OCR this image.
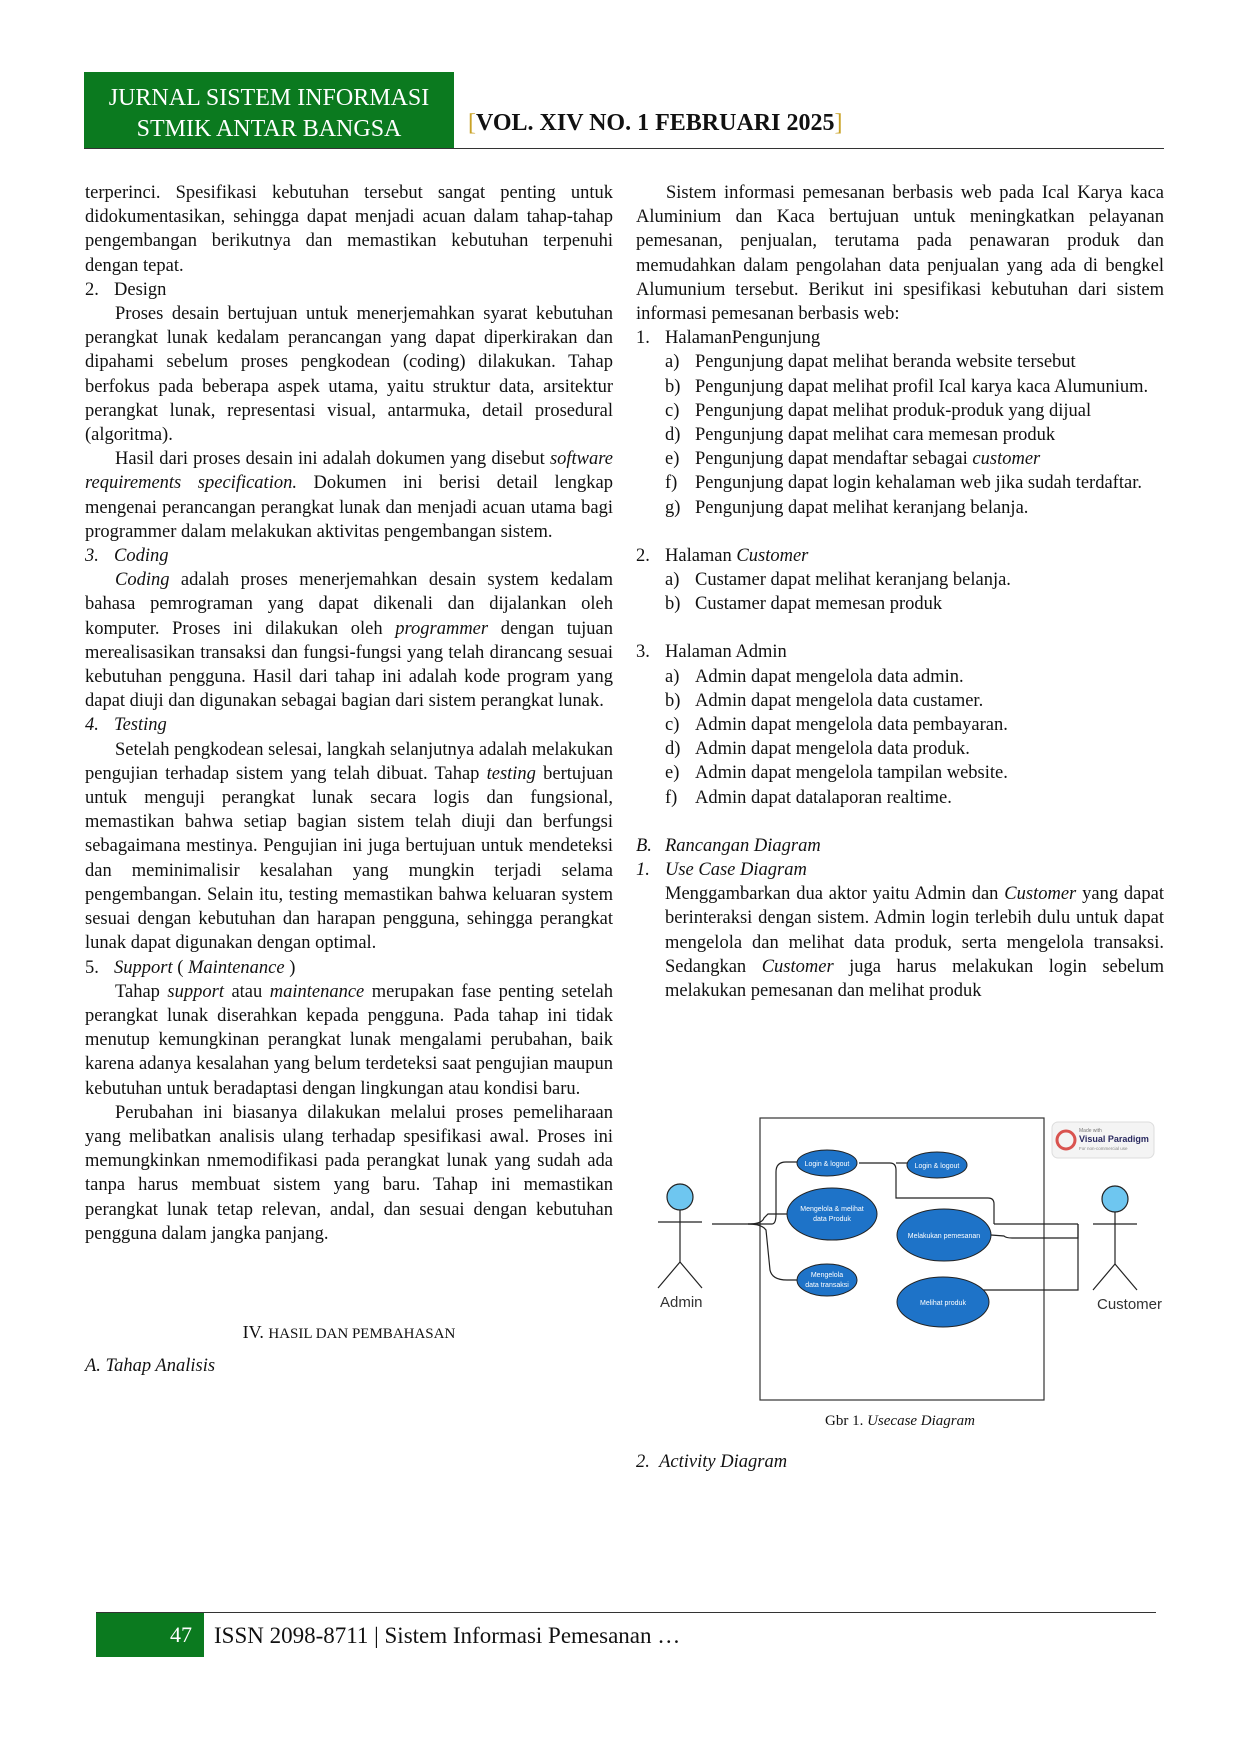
JURNAL SISTEM INFORMASI
STMIK ANTAR BANGSA	[VOL. XIV NO. 1 FEBRUARI 2025]

terperinci. Spesifikasi kebutuhan tersebut sangat penting untuk didokumentasikan, sehingga dapat menjadi acuan dalam tahap-tahap pengembangan berikutnya dan memastikan kebutuhan terpenuhi dengan tepat.

2. Design

Proses desain bertujuan untuk menerjemahkan syarat kebutuhan perangkat lunak kedalam perancangan yang dapat diperkirakan dan dipahami sebelum proses pengkodean (coding) dilakukan. Tahap berfokus pada beberapa aspek utama, yaitu struktur data, arsitektur perangkat lunak, representasi visual, antarmuka, detail prosedural (algoritma).

Hasil dari proses desain ini adalah dokumen yang disebut software requirements specification. Dokumen ini berisi detail lengkap mengenai perancangan perangkat lunak dan menjadi acuan utama bagi programmer dalam melakukan aktivitas pengembangan sistem.

3. Coding

Coding adalah proses menerjemahkan desain system kedalam bahasa pemrograman yang dapat dikenali dan dijalankan oleh komputer. Proses ini dilakukan oleh programmer dengan tujuan merealisasikan transaksi dan fungsi-fungsi yang telah dirancang sesuai kebutuhan pengguna. Hasil dari tahap ini adalah kode program yang dapat diuji dan digunakan sebagai bagian dari sistem perangkat lunak.

4. Testing

Setelah pengkodean selesai, langkah selanjutnya adalah melakukan pengujian terhadap sistem yang telah dibuat. Tahap testing bertujuan untuk menguji perangkat lunak secara logis dan fungsional, memastikan bahwa setiap bagian sistem telah diuji dan berfungsi sebagaimana mestinya. Pengujian ini juga bertujuan untuk mendeteksi dan meminimalisir kesalahan yang mungkin terjadi selama pengembangan. Selain itu, testing memastikan bahwa keluaran system sesuai dengan kebutuhan dan harapan pengguna, sehingga perangkat lunak dapat digunakan dengan optimal.

5. Support ( Maintenance )

Tahap support atau maintenance merupakan fase penting setelah perangkat lunak diserahkan kepada pengguna. Pada tahap ini tidak menutup kemungkinan perangkat lunak mengalami perubahan, baik karena adanya kesalahan yang belum terdeteksi saat pengujian maupun kebutuhan untuk beradaptasi dengan lingkungan atau kondisi baru.

Perubahan ini biasanya dilakukan melalui proses pemeliharaan yang melibatkan analisis ulang terhadap spesifikasi awal. Proses ini memungkinkan nmemodifikasi pada perangkat lunak yang sudah ada tanpa harus membuat sistem yang baru. Tahap ini memastikan perangkat lunak tetap relevan, andal, dan sesuai dengan kebutuhan pengguna dalam jangka panjang.

IV. HASIL DAN PEMBAHASAN
A. Tahap Analisis

Sistem informasi pemesanan berbasis web pada Ical Karya kaca Aluminium dan Kaca bertujuan untuk meningkatkan pelayanan pemesanan, penjualan, terutama pada penawaran produk dan memudahkan dalam pengolahan data penjualan yang ada di bengkel Alumunium tersebut. Berikut ini spesifikasi kebutuhan dari sistem informasi pemesanan berbasis web:

1. HalamanPengunjung
a) Pengunjung dapat melihat beranda website tersebut
b) Pengunjung dapat melihat profil Ical karya kaca Alumunium.
c) Pengunjung dapat melihat produk-produk yang dijual
d) Pengunjung dapat melihat cara memesan produk
e) Pengunjung dapat mendaftar sebagai customer
f) Pengunjung dapat login kehalaman web jika sudah terdaftar.
g) Pengunjung dapat melihat keranjang belanja.
2. Halaman Customer
a) Custamer dapat melihat keranjang belanja.
b) Custamer dapat memesan produk
3. Halaman Admin
a) Admin dapat mengelola data admin.
b) Admin dapat mengelola data custamer.
c) Admin dapat mengelola data pembayaran.
d) Admin dapat mengelola data produk.
e) Admin dapat mengelola tampilan website.
f) Admin dapat datalaporan realtime.
B. Rancangan Diagram
1. Use Case Diagram

Menggambarkan dua aktor yaitu Admin dan Customer yang dapat berinteraksi dengan sistem. Admin login terlebih dulu untuk dapat mengelola dan melihat data produk, serta mengelola transaksi. Sedangkan Customer juga harus melakukan login sebelum melakukan pemesanan dan melihat produk

Made with
Visual Paradigm
For non-commercial use
Admin	Customer
Login & logout	Login & logout
Mengelola & melihat
data Produk
Melakukan pemesanan
Mengelola
data transaksi
Melihat produk
Gbr 1. Usecase Diagram
2. Activity Diagram
47 ISSN 2098-8711 | Sistem Informasi Pemesanan …
